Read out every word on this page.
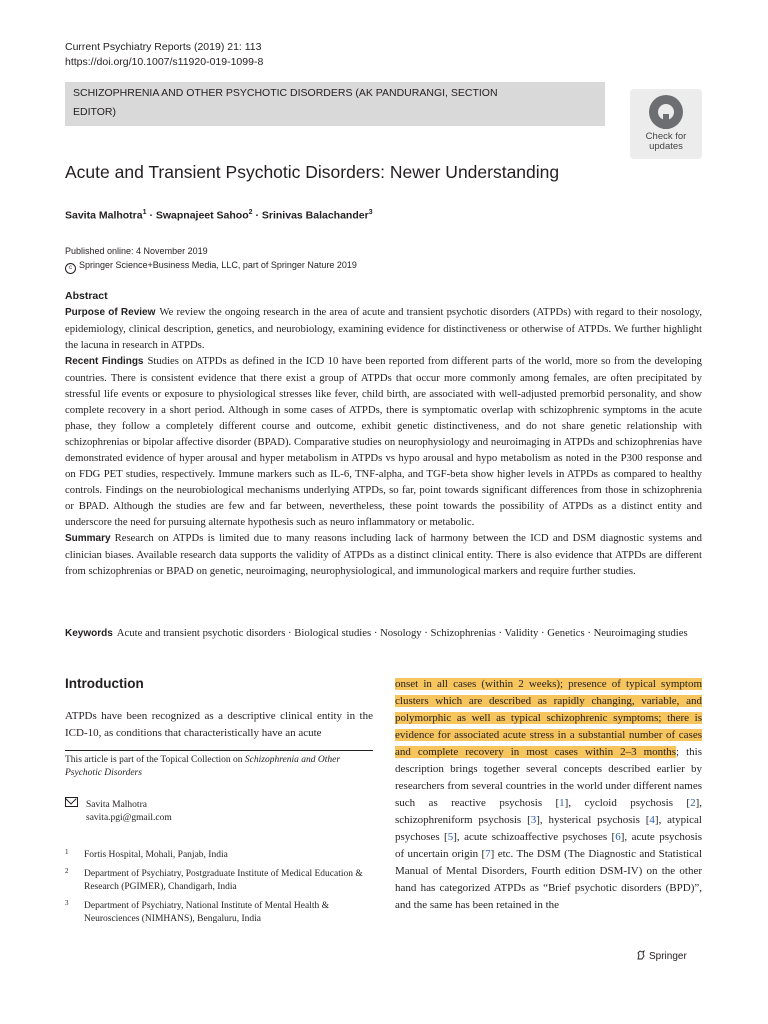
Current Psychiatry Reports (2019) 21: 113
https://doi.org/10.1007/s11920-019-1099-8
SCHIZOPHRENIA AND OTHER PSYCHOTIC DISORDERS (AK PANDURANGI, SECTION
EDITOR)
Check for
updates
Acute and Transient Psychotic Disorders: Newer Understanding
Savita Malhotra$^1$ · Swapnajeet Sahoo$^2$ · Srinivas Balachander$^3$
Published online: 4 November 2019
c Springer Science+Business Media, LLC, part of Springer Nature 2019
Abstract

Purpose of Review We review the ongoing research in the area of acute and transient psychotic disorders (ATPDs) with regard to their nosology, epidemiology, clinical description, genetics, and neurobiology, examining evidence for distinctiveness or otherwise of ATPDs. We further highlight the lacuna in research in ATPDs.

Recent Findings Studies on ATPDs as defined in the ICD 10 have been reported from different parts of the world, more so from the developing countries. There is consistent evidence that there exist a group of ATPDs that occur more commonly among females, are often precipitated by stressful life events or exposure to physiological stresses like fever, child birth, are associated with well-adjusted premorbid personality, and show complete recovery in a short period. Although in some cases of ATPDs, there is symptomatic overlap with schizophrenic symptoms in the acute phase, they follow a completely different course and outcome, exhibit genetic distinctiveness, and do not share genetic relationship with schizophrenias or bipolar affective disorder (BPAD). Comparative studies on neurophysiology and neuroimaging in ATPDs and schizophrenias have demonstrated evidence of hyper arousal and hyper metabolism in ATPDs vs hypo arousal and hypo metabolism as noted in the P300 response and on FDG PET studies, respectively. Immune markers such as IL-6, TNF-alpha, and TGF-beta show higher levels in ATPDs as compared to healthy controls. Findings on the neurobiological mechanisms underlying ATPDs, so far, point towards significant differences from those in schizophrenia or BPAD. Although the studies are few and far between, nevertheless, these point towards the possibility of ATPDs as a distinct entity and underscore the need for pursuing alternate hypothesis such as neuro inflammatory or metabolic.

Summary Research on ATPDs is limited due to many reasons including lack of harmony between the ICD and DSM diagnostic systems and clinician biases. Available research data supports the validity of ATPDs as a distinct clinical entity. There is also evidence that ATPDs are different from schizophrenias or BPAD on genetic, neuroimaging, neurophysiological, and immunological markers and require further studies.

Keywords Acute and transient psychotic disorders · Biological studies · Nosology · Schizophrenias · Validity · Genetics · Neuroimaging studies
Introduction
ATPDs have been recognized as a descriptive clinical entity in the ICD-10, as conditions that characteristically have an acute
This article is part of the Topical Collection on Schizophrenia and Other Psychotic Disorders
Savita Malhotra
savita.pgi@gmail.com
1 Fortis Hospital, Mohali, Panjab, India
2 Department of Psychiatry, Postgraduate Institute of Medical Education & Research (PGIMER), Chandigarh, India
3 Department of Psychiatry, National Institute of Mental Health & Neurosciences (NIMHANS), Bengaluru, India
onset in all cases (within 2 weeks); presence of typical symptom clusters which are described as rapidly changing, variable, and polymorphic as well as typical schizophrenic symptoms; there is evidence for associated acute stress in a substantial number of cases and complete recovery in most cases within 2–3 months; this description brings together several concepts described earlier by researchers from several countries in the world under different names such as reactive psychosis [1], cycloid psychosis [2], schizophreniform psychosis [3], hysterical psychosis [4], atypical psychoses [5], acute schizoaffective psychoses [6], acute psychosis of uncertain origin [7] etc. The DSM (The Diagnostic and Statistical Manual of Mental Disorders, Fourth edition DSM-IV) on the other hand has categorized ATPDs as “Brief psychotic disorders (BPD)”, and the same has been retained in the
Springer
